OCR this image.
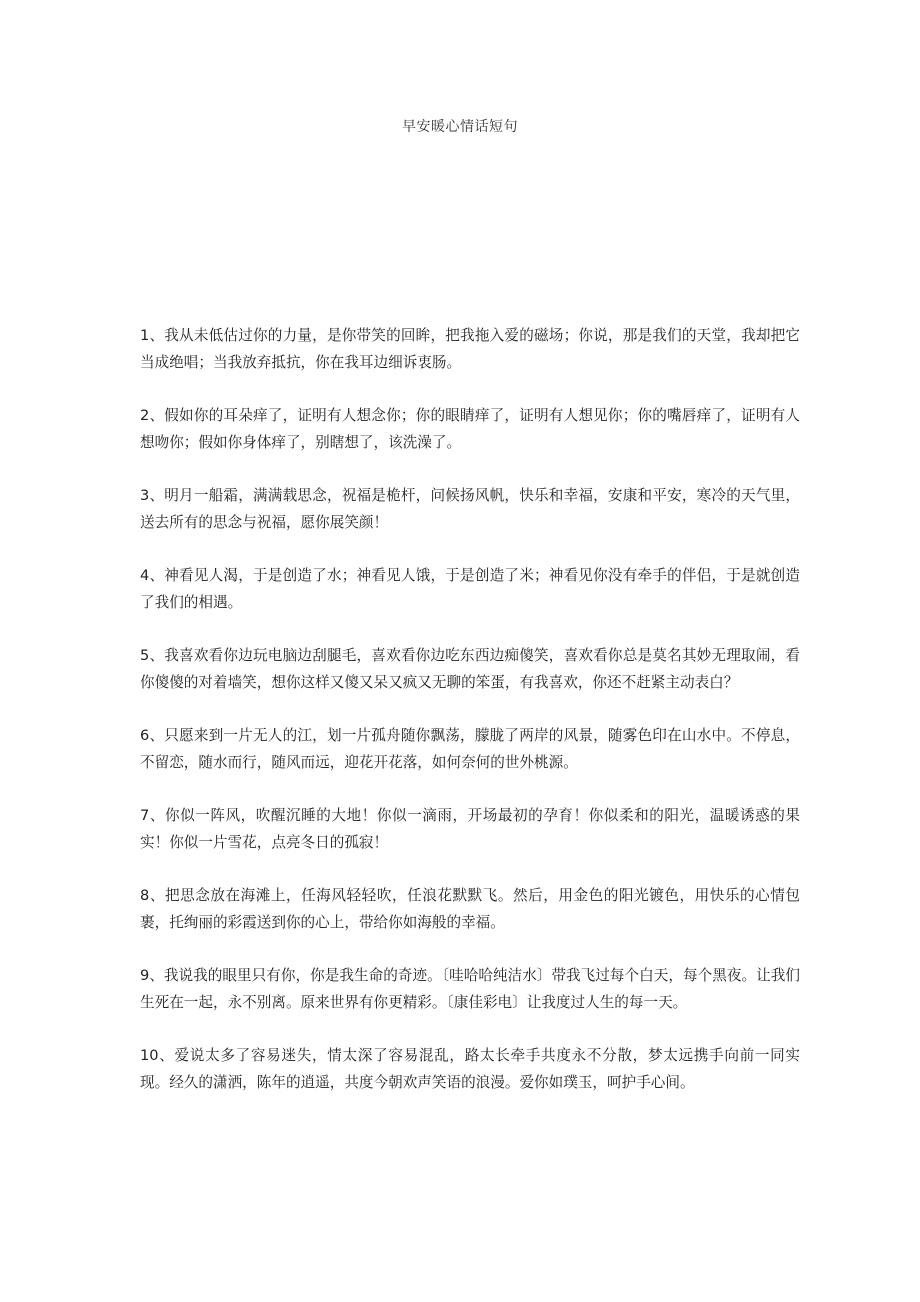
早安暖心情话短句

1、我从未低估过你的力量，是你带笑的回眸，把我拖入爱的磁场；你说，那是我们的天堂，我却把它当成绝唱；当我放弃抵抗，你在我耳边细诉衷肠。

2、假如你的耳朵痒了，证明有人想念你；你的眼睛痒了，证明有人想见你；你的嘴唇痒了，证明有人想吻你；假如你身体痒了，别瞎想了，该洗澡了。

3、明月一船霜，满满载思念，祝福是桅杆，问候扬风帆，快乐和幸福，安康和平安，寒冷的天气里，送去所有的思念与祝福，愿你展笑颜！

4、神看见人渴，于是创造了水；神看见人饿，于是创造了米；神看见你没有牵手的伴侣，于是就创造了我们的相遇。

5、我喜欢看你边玩电脑边刮腿毛，喜欢看你边吃东西边痴傻笑，喜欢看你总是莫名其妙无理取闹，看你傻傻的对着墙笑，想你这样又傻又呆又疯又无聊的笨蛋，有我喜欢，你还不赶紧主动表白？

6、只愿来到一片无人的江，划一片孤舟随你飘荡，朦胧了两岸的风景，随雾色印在山水中。不停息，不留恋，随水而行，随风而远，迎花开花落，如何奈何的世外桃源。

7、你似一阵风，吹醒沉睡的大地！你似一滴雨，开场最初的孕育！你似柔和的阳光，温暖诱惑的果实！你似一片雪花，点亮冬日的孤寂！

8、把思念放在海滩上，任海风轻轻吹，任浪花默默飞。然后，用金色的阳光镀色，用快乐的心情包裹，托绚丽的彩霞送到你的心上，带给你如海般的幸福。

9、我说我的眼里只有你，你是我生命的奇迹。〔哇哈哈纯洁水〕带我飞过每个白天，每个黑夜。让我们生死在一起，永不别离。原来世界有你更精彩。〔康佳彩电〕让我度过人生的每一天。

10、爱说太多了容易迷失，情太深了容易混乱，路太长牵手共度永不分散，梦太远携手向前一同实现。经久的潇洒，陈年的逍遥，共度今朝欢声笑语的浪漫。爱你如璞玉，呵护手心间。
